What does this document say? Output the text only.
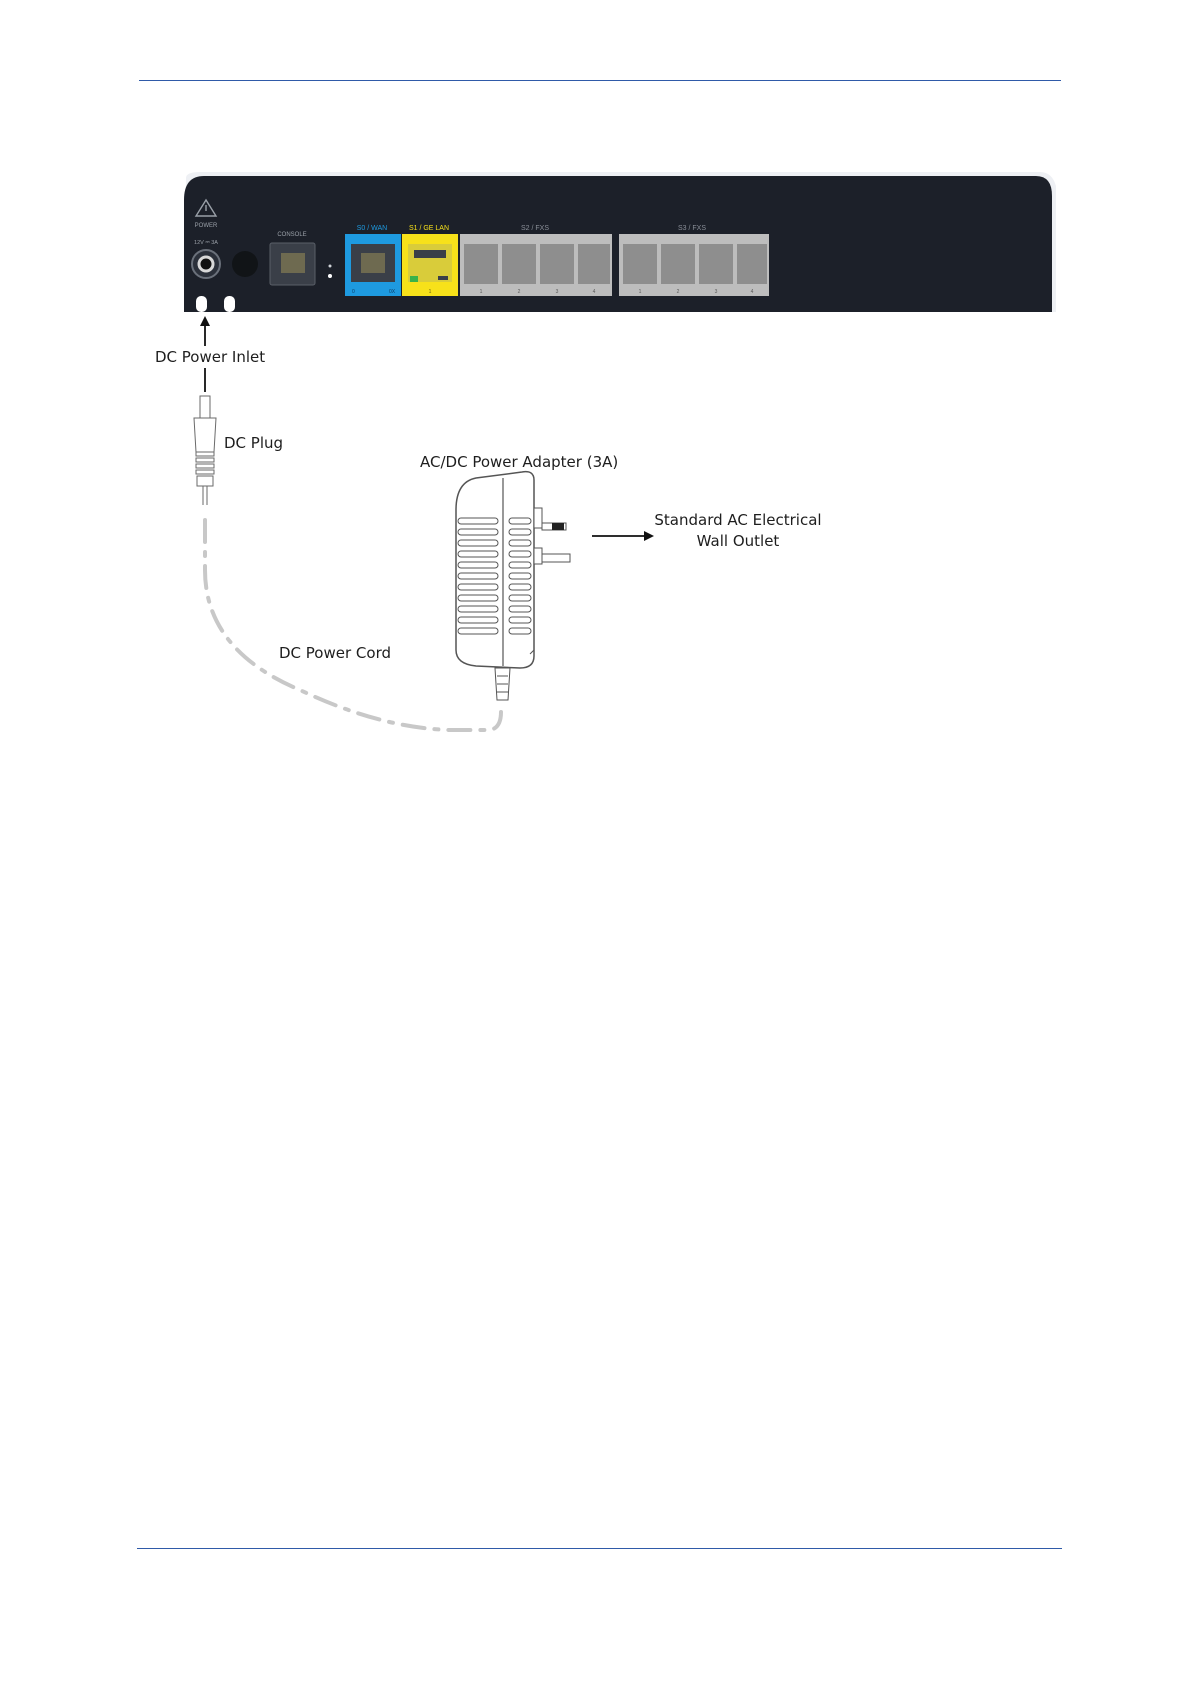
POWER
12V ⎓ 3A
CONSOLE
S0 / WAN
0	0X
S1 / GE LAN
1
S2 / FXS
1	2	3	4
S3 / FXS
1	2	3	4
DC Power Inlet
DC Plug
AC/DC Power Adapter (3A)
Standard AC Electrical
Wall Outlet
DC Power Cord
